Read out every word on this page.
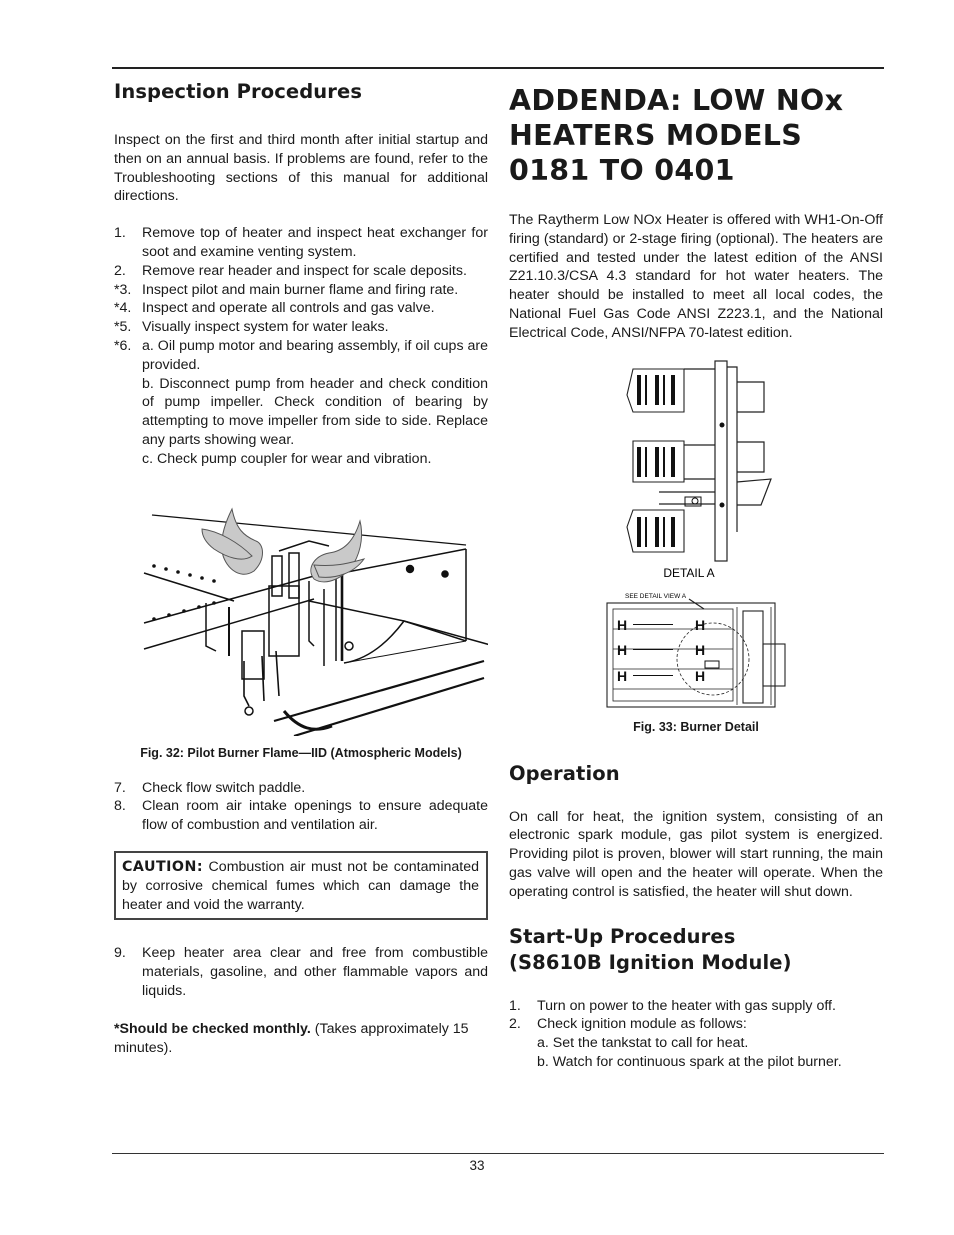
Inspection Procedures

Inspect on the first and third month after initial startup and then on an annual basis. If problems are found, refer to the Troubleshooting sections of this manual for additional directions.

1. Remove top of heater and inspect heat exchanger for soot and examine venting system.
2. Remove rear header and inspect for scale deposits.
*3. Inspect pilot and main burner flame and firing rate.
*4. Inspect and operate all controls and gas valve.
*5. Visually inspect system for water leaks.
*6. a. Oil pump motor and bearing assembly, if oil cups are provided.
b. Disconnect pump from header and check condition of pump impeller. Check condition of bearing by attempting to move impeller from side to side. Replace any parts showing wear.
c. Check pump coupler for wear and vibration.
Fig. 32: Pilot Burner Flame—IID (Atmospheric Models)
7. Check flow switch paddle.
8. Clean room air intake openings to ensure adequate flow of combustion and ventilation air.
CAUTION: Combustion air must not be contaminated by corrosive chemical fumes which can damage the heater and void the warranty.
9. Keep heater area clear and free from combustible materials, gasoline, and other flammable vapors and liquids.

*Should be checked monthly. (Takes approximately 15 minutes).

ADDENDA: LOW NOx HEATERS MODELS 0181 TO 0401

The Raytherm Low NOx Heater is offered with WH1-On-Off firing (standard) or 2-stage firing (optional). The heaters are certified and tested under the latest edition of the ANSI Z21.10.3/CSA 4.3 standard for hot water heaters. The heater should be installed to meet all local codes, the National Fuel Gas Code ANSI Z223.1, and the National Electrical Code, ANSI/NFPA 70-latest edition.

DETAIL A
SEE DETAIL VIEW A
H
H
H
H
H
H
Fig. 33: Burner Detail
Operation

On call for heat, the ignition system, consisting of an electronic spark module, gas pilot system is energized. Providing pilot is proven, blower will start running, the main gas valve will open and the heater will operate. When the operating control is satisfied, the heater will shut down.

Start-Up Procedures
(S8610B Ignition Module)
1. Turn on power to the heater with gas supply off.
2. Check ignition module as follows:
a. Set the tankstat to call for heat.
b. Watch for continuous spark at the pilot burner.
33
